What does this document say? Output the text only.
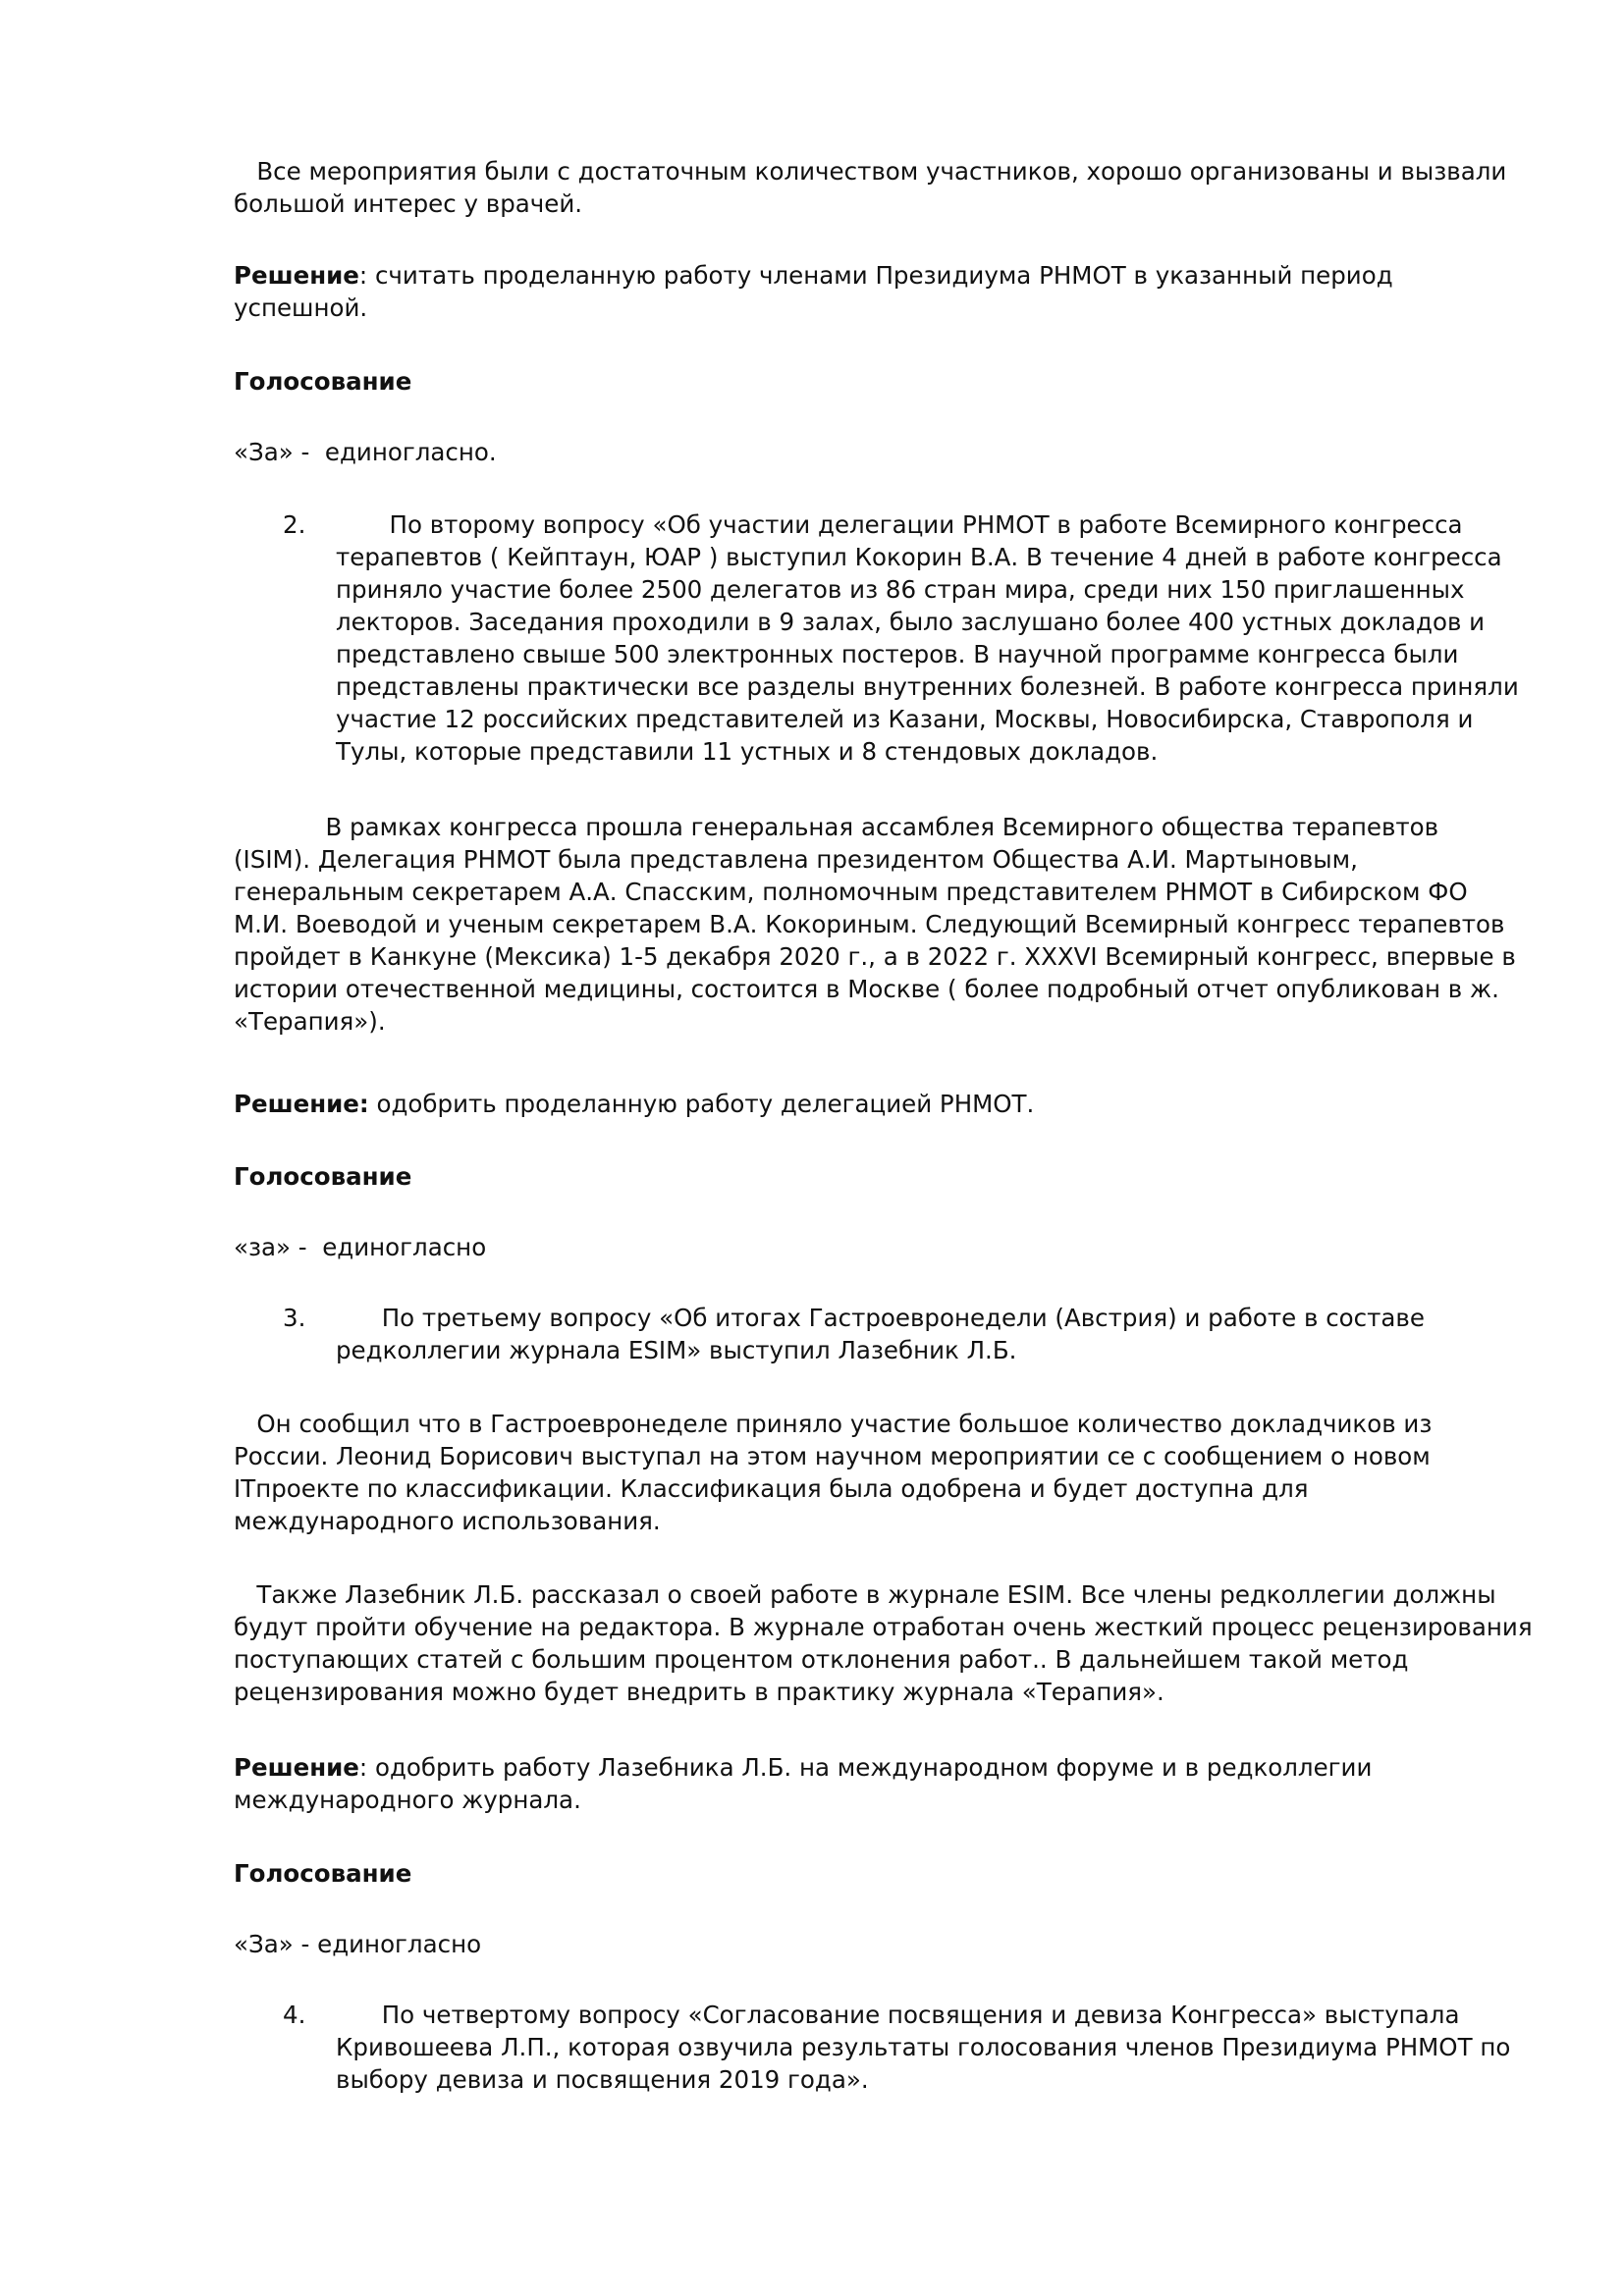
Все мероприятия были с достаточным количеством участников, хорошо организованы и вызвали
большой интерес у врачей.
Решение: считать проделанную работу членами Президиума РНМОТ в указанный период
успешной.
Голосование
«За» -  единогласно.
2. По второму вопросу «Об участии делегации РНМОТ в работе Всемирного конгресса
терапевтов ( Кейптаун, ЮАР ) выступил Кокорин В.А. В течение 4 дней в работе конгресса
приняло участие более 2500 делегатов из 86 стран мира, среди них 150 приглашенных
лекторов. Заседания проходили в 9 залах, было заслушано более 400 устных докладов и
представлено свыше 500 электронных постеров. В научной программе конгресса были
представлены практически все разделы внутренних болезней. В работе конгресса приняли
участие 12 российских представителей из Казани, Москвы, Новосибирска, Ставрополя и
Тулы, которые представили 11 устных и 8 стендовых докладов.
В рамках конгресса прошла генеральная ассамблея Всемирного общества терапевтов
(ISIM). Делегация РНМОТ была представлена президентом Общества А.И. Мартыновым,
генеральным секретарем А.А. Спасским, полномочным представителем РНМОТ в Сибирском ФО
М.И. Воеводой и ученым секретарем В.А. Кокориным. Следующий Всемирный конгресс терапевтов
пройдет в Канкуне (Мексика) 1-5 декабря 2020 г., а в 2022 г. XXXVI Всемирный конгресс, впервые в
истории отечественной медицины, состоится в Москве ( более подробный отчет опубликован в ж.
«Терапия»).
Решение: одобрить проделанную работу делегацией РНМОТ.
Голосование
«за» -  единогласно
3. По третьему вопросу «Об итогах Гастроевронедели (Австрия) и работе в составе
редколлегии журнала ESIM» выступил Лазебник Л.Б.
Он сообщил что в Гастроевронеделе приняло участие большое количество докладчиков из
России. Леонид Борисович выступал на этом научном мероприятии се с сообщением о новом
ITпроекте по классификации. Классификация была одобрена и будет доступна для
международного использования.
Также Лазебник Л.Б. рассказал о своей работе в журнале ESIM. Все члены редколлегии должны
будут пройти обучение на редактора. В журнале отработан очень жесткий процесс рецензирования
поступающих статей с большим процентом отклонения работ.. В дальнейшем такой метод
рецензирования можно будет внедрить в практику журнала «Терапия».
Решение: одобрить работу Лазебника Л.Б. на международном форуме и в редколлегии
международного журнала.
Голосование
«За» - единогласно
4. По четвертому вопросу «Согласование посвящения и девиза Конгресса» выступала
Кривошеева Л.П., которая озвучила результаты голосования членов Президиума РНМОТ по
выбору девиза и посвящения 2019 года».
